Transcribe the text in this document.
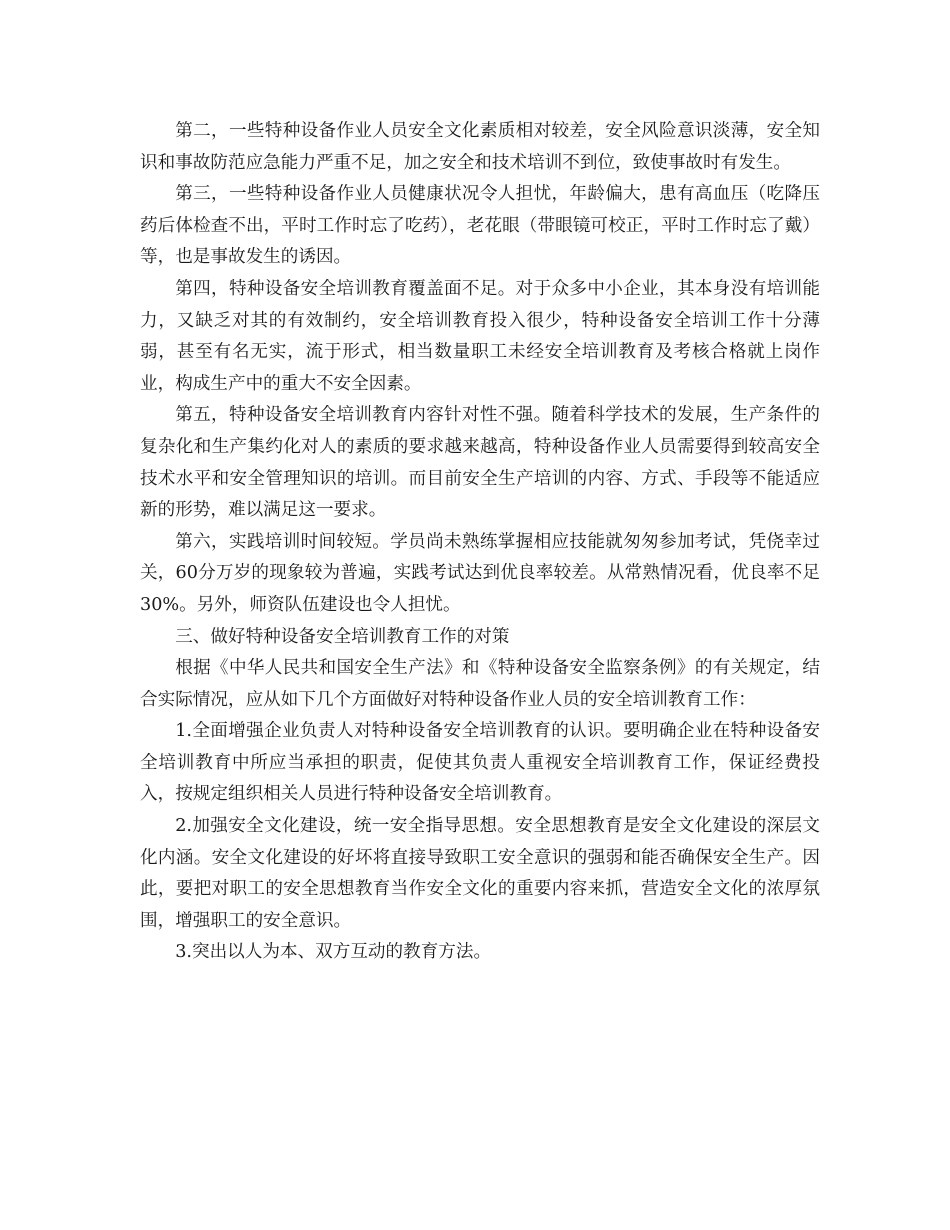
第二，一些特种设备作业人员安全文化素质相对较差，安全风险意识淡薄，安全知识和事故防范应急能力严重不足，加之安全和技术培训不到位，致使事故时有发生。

第三，一些特种设备作业人员健康状况令人担忧，年龄偏大，患有高血压（吃降压药后体检查不出，平时工作时忘了吃药），老花眼（带眼镜可校正，平时工作时忘了戴）等，也是事故发生的诱因。

第四，特种设备安全培训教育覆盖面不足。对于众多中小企业，其本身没有培训能力，又缺乏对其的有效制约，安全培训教育投入很少，特种设备安全培训工作十分薄弱，甚至有名无实，流于形式，相当数量职工未经安全培训教育及考核合格就上岗作业，构成生产中的重大不安全因素。

第五，特种设备安全培训教育内容针对性不强。随着科学技术的发展，生产条件的复杂化和生产集约化对人的素质的要求越来越高，特种设备作业人员需要得到较高安全技术水平和安全管理知识的培训。而目前安全生产培训的内容、方式、手段等不能适应新的形势，难以满足这一要求。

第六，实践培训时间较短。学员尚未熟练掌握相应技能就匆匆参加考试，凭侥幸过关，60分万岁的现象较为普遍，实践考试达到优良率较差。从常熟情况看，优良率不足30%。另外，师资队伍建设也令人担忧。

三、做好特种设备安全培训教育工作的对策

根据《中华人民共和国安全生产法》和《特种设备安全监察条例》的有关规定，结合实际情况，应从如下几个方面做好对特种设备作业人员的安全培训教育工作：

1.全面增强企业负责人对特种设备安全培训教育的认识。要明确企业在特种设备安全培训教育中所应当承担的职责，促使其负责人重视安全培训教育工作，保证经费投入，按规定组织相关人员进行特种设备安全培训教育。

2.加强安全文化建设，统一安全指导思想。安全思想教育是安全文化建设的深层文化内涵。安全文化建设的好坏将直接导致职工安全意识的强弱和能否确保安全生产。因此，要把对职工的安全思想教育当作安全文化的重要内容来抓，营造安全文化的浓厚氛围，增强职工的安全意识。

3.突出以人为本、双方互动的教育方法。
